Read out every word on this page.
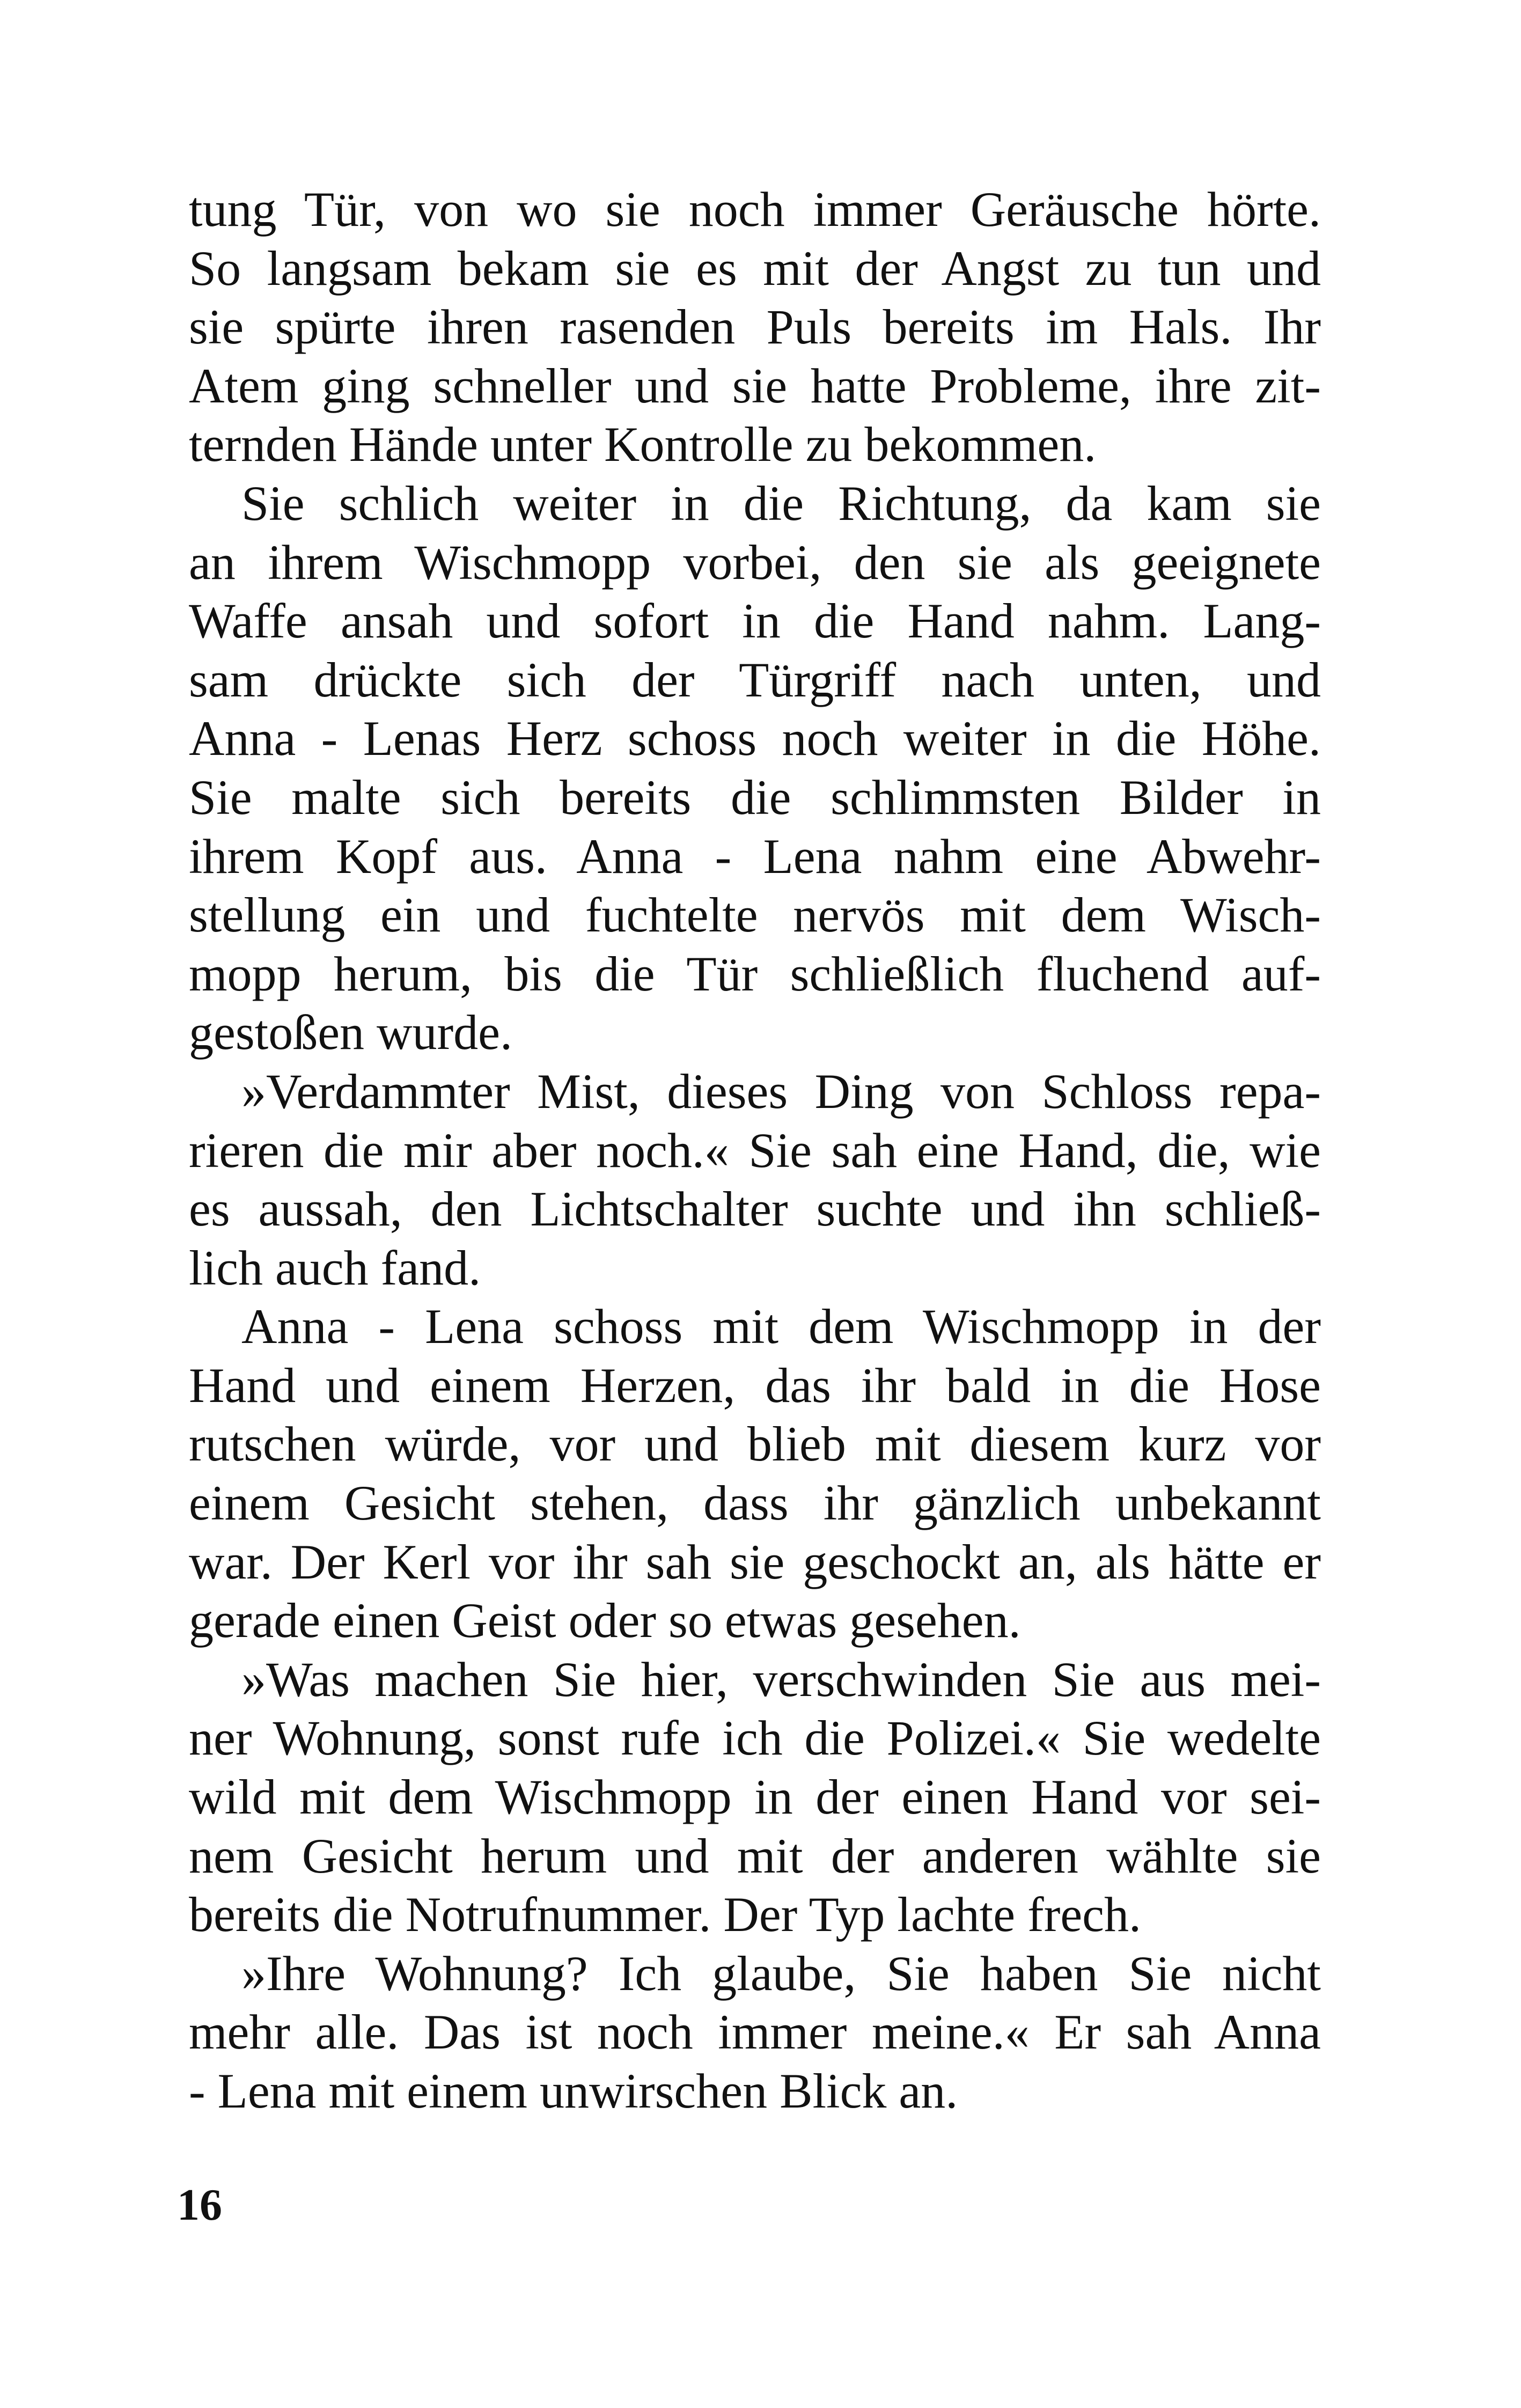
tung Tür, von wo sie noch immer Geräusche hörte.
So langsam bekam sie es mit der Angst zu tun und
sie spürte ihren rasenden Puls bereits im Hals. Ihr
Atem ging schneller und sie hatte Probleme, ihre zit-
ternden Hände unter Kontrolle zu bekommen.
Sie schlich weiter in die Richtung, da kam sie
an ihrem Wischmopp vorbei, den sie als geeignete
Waffe ansah und sofort in die Hand nahm. Lang-
sam drückte sich der Türgriff nach unten, und
Anna - Lenas Herz schoss noch weiter in die Höhe.
Sie malte sich bereits die schlimmsten Bilder in
ihrem Kopf aus. Anna - Lena nahm eine Abwehr-
stellung ein und fuchtelte nervös mit dem Wisch-
mopp herum, bis die Tür schließlich fluchend auf-
gestoßen wurde.
»Verdammter Mist, dieses Ding von Schloss repa-
rieren die mir aber noch.« Sie sah eine Hand, die, wie
es aussah, den Lichtschalter suchte und ihn schließ-
lich auch fand.
Anna - Lena schoss mit dem Wischmopp in der
Hand und einem Herzen, das ihr bald in die Hose
rutschen würde, vor und blieb mit diesem kurz vor
einem Gesicht stehen, dass ihr gänzlich unbekannt
war. Der Kerl vor ihr sah sie geschockt an, als hätte er
gerade einen Geist oder so etwas gesehen.
»Was machen Sie hier, verschwinden Sie aus mei-
ner Wohnung, sonst rufe ich die Polizei.« Sie wedelte
wild mit dem Wischmopp in der einen Hand vor sei-
nem Gesicht herum und mit der anderen wählte sie
bereits die Notrufnummer. Der Typ lachte frech.
»Ihre Wohnung? Ich glaube, Sie haben Sie nicht
mehr alle. Das ist noch immer meine.« Er sah Anna
- Lena mit einem unwirschen Blick an.
16
